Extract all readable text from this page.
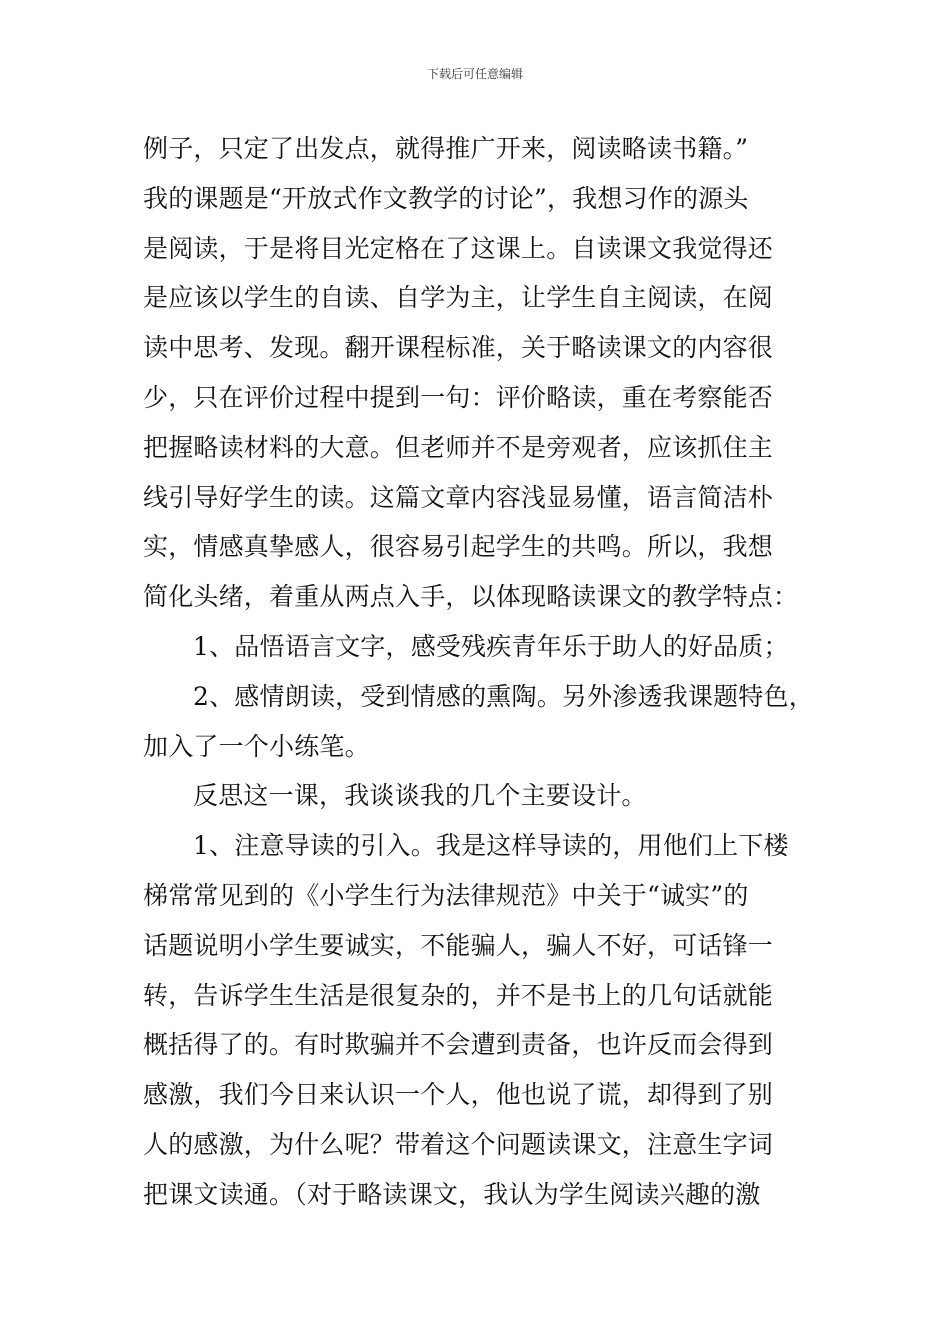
下载后可任意编辑
例子，只定了出发点，就得推广开来，阅读略读书籍。”
我的课题是“开放式作文教学的讨论”，我想习作的源头
是阅读，于是将目光定格在了这课上。自读课文我觉得还
是应该以学生的自读、自学为主，让学生自主阅读，在阅
读中思考、发现。翻开课程标准，关于略读课文的内容很
少，只在评价过程中提到一句：评价略读，重在考察能否
把握略读材料的大意。但老师并不是旁观者，应该抓住主
线引导好学生的读。这篇文章内容浅显易懂，语言简洁朴
实，情感真挚感人，很容易引起学生的共鸣。所以，我想
简化头绪，着重从两点入手，以体现略读课文的教学特点：
1、品悟语言文字，感受残疾青年乐于助人的好品质；
2、感情朗读，受到情感的熏陶。另外渗透我课题特色，
加入了一个小练笔。
反思这一课，我谈谈我的几个主要设计。
1、注意导读的引入。我是这样导读的，用他们上下楼
梯常常见到的《小学生行为法律规范》中关于“诚实”的
话题说明小学生要诚实，不能骗人，骗人不好，可话锋一
转，告诉学生生活是很复杂的，并不是书上的几句话就能
概括得了的。有时欺骗并不会遭到责备，也许反而会得到
感激，我们今日来认识一个人，他也说了谎，却得到了别
人的感激，为什么呢？带着这个问题读课文，注意生字词
把课文读通。（对于略读课文，我认为学生阅读兴趣的激
